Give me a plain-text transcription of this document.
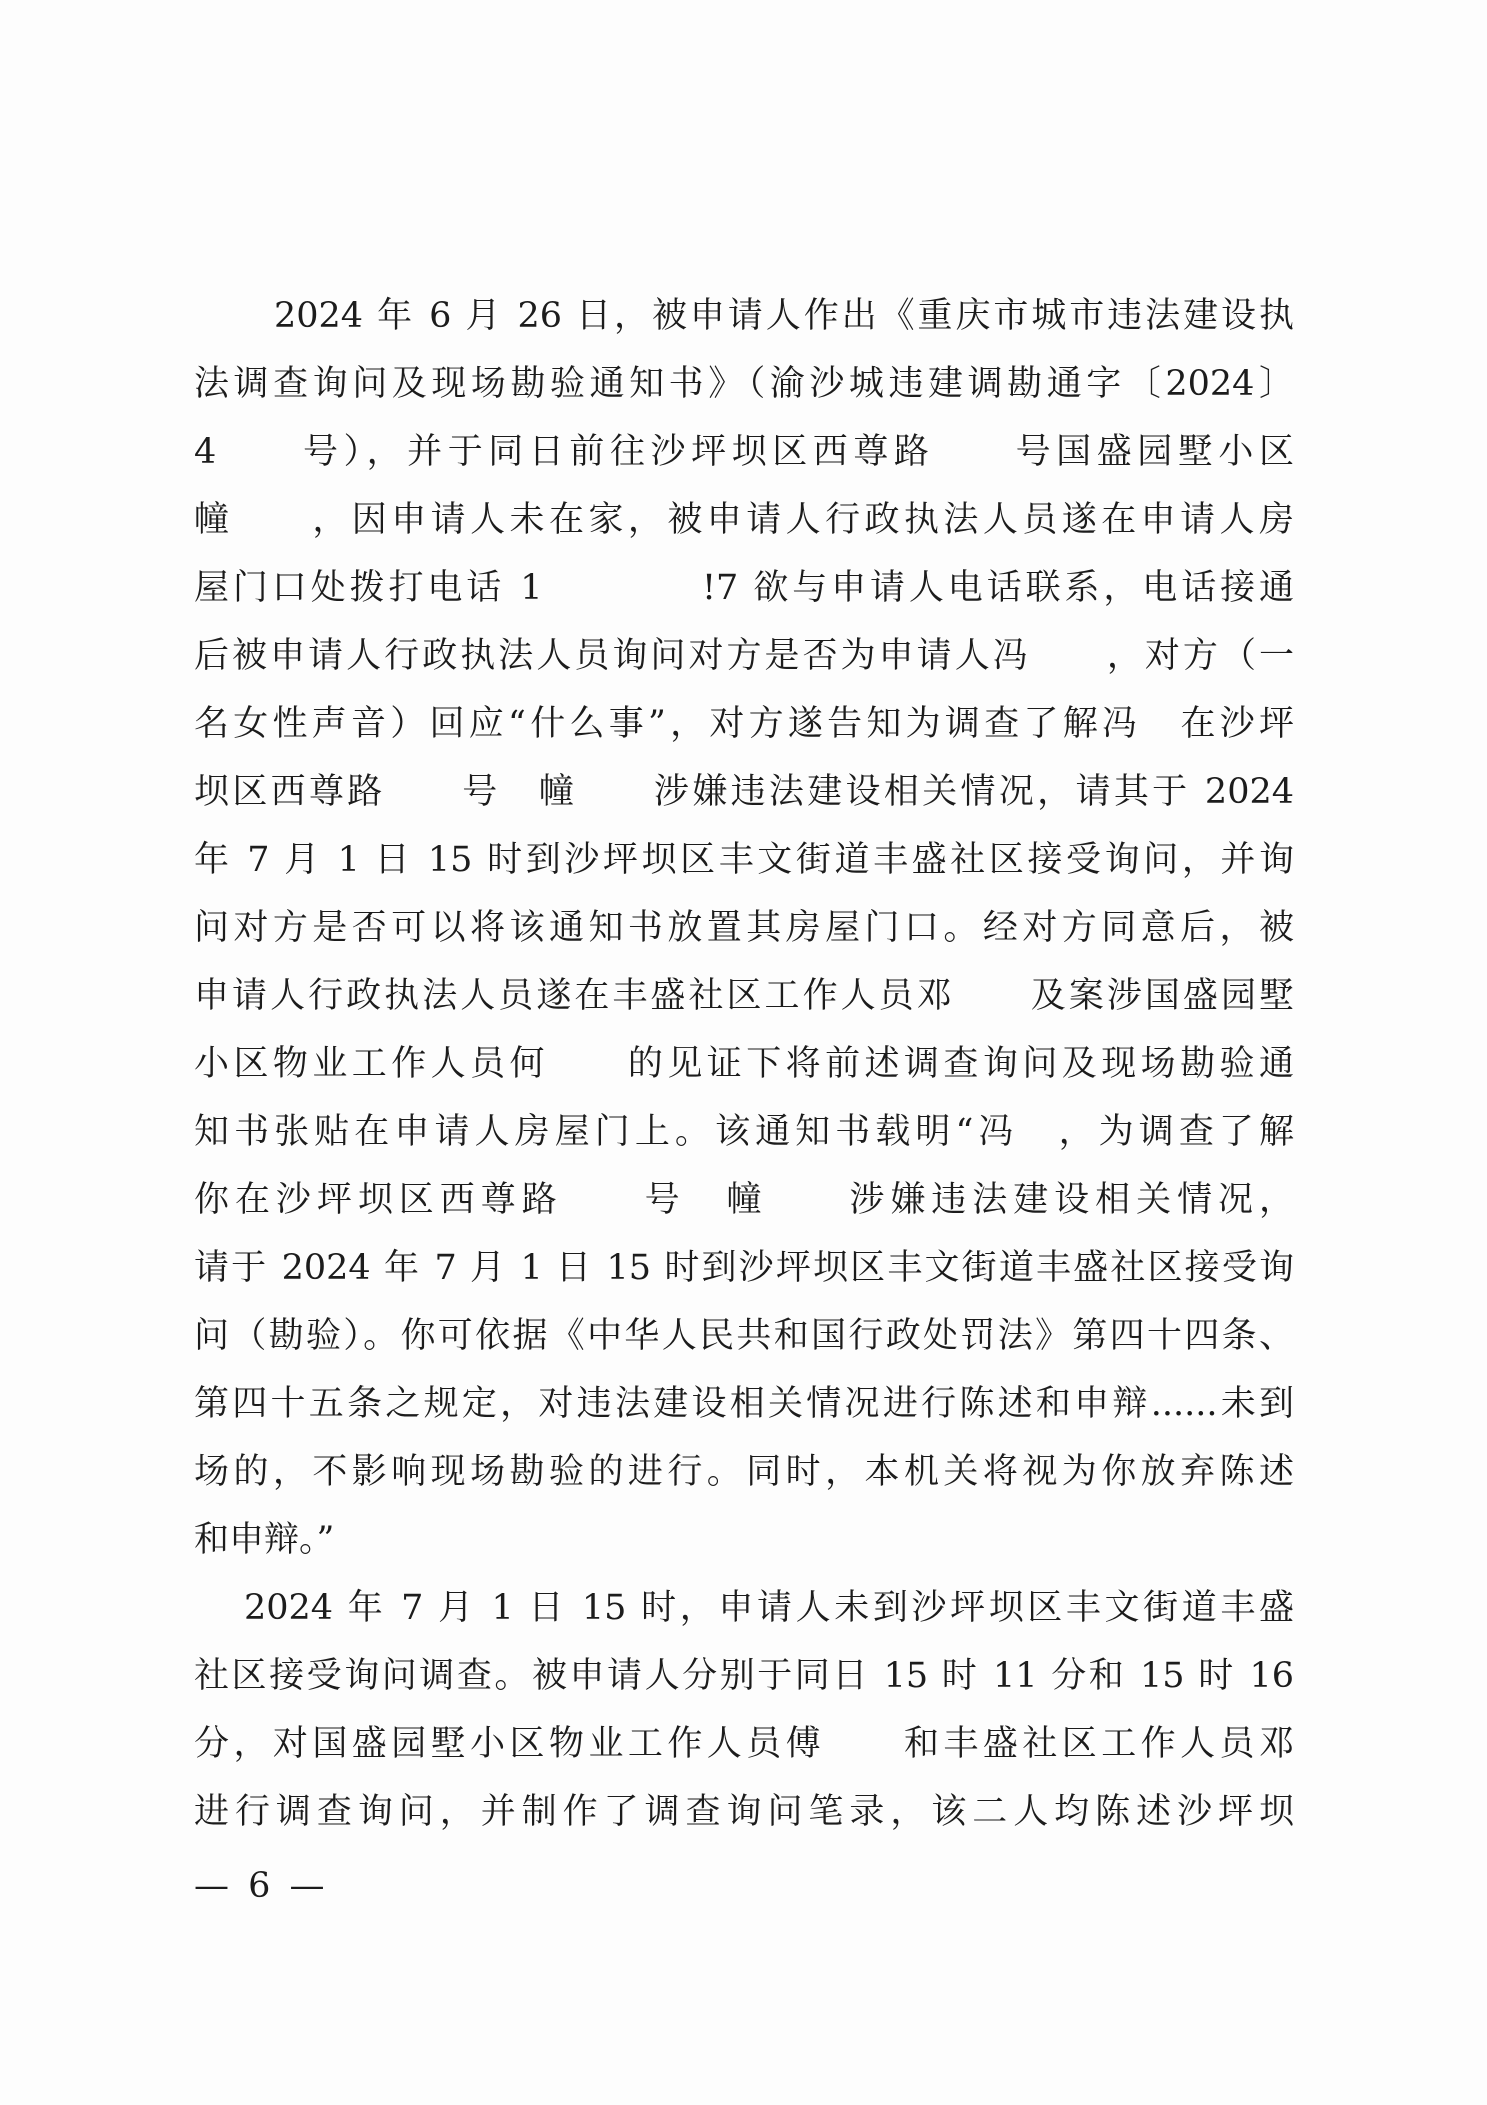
2024 年 6 月 26 日，被申请人作出《重庆市城市违法建设执
法调查询问及现场勘验通知书》（渝沙城违建调勘通字〔2024〕
4　　号），并于同日前往沙坪坝区西尊路　　号国盛园墅小区
幢　　，因申请人未在家，被申请人行政执法人员遂在申请人房
屋门口处拨打电话 1　　　　!7 欲与申请人电话联系，电话接通
后被申请人行政执法人员询问对方是否为申请人冯　　，对方（一
名女性声音）回应“什么事”，对方遂告知为调查了解冯　在沙坪
坝区西尊路　　号　幢　　涉嫌违法建设相关情况，请其于 2024
年 7 月 1 日 15 时到沙坪坝区丰文街道丰盛社区接受询问，并询
问对方是否可以将该通知书放置其房屋门口。经对方同意后，被
申请人行政执法人员遂在丰盛社区工作人员邓　　及案涉国盛园墅
小区物业工作人员何　　的见证下将前述调查询问及现场勘验通
知书张贴在申请人房屋门上。该通知书载明“冯　，为调查了解
你在沙坪坝区西尊路　　号　幢　　涉嫌违法建设相关情况，
请于 2024 年 7 月 1 日 15 时到沙坪坝区丰文街道丰盛社区接受询
问（勘验）。你可依据《中华人民共和国行政处罚法》第四十四条、
第四十五条之规定，对违法建设相关情况进行陈述和申辩......未到
场的，不影响现场勘验的进行。同时，本机关将视为你放弃陈述
和申辩。”
2024 年 7 月 1 日 15 时，申请人未到沙坪坝区丰文街道丰盛
社区接受询问调查。被申请人分别于同日 15 时 11 分和 15 时 16
分，对国盛园墅小区物业工作人员傅　　和丰盛社区工作人员邓
进行调查询问，并制作了调查询问笔录，该二人均陈述沙坪坝
— 6 —
